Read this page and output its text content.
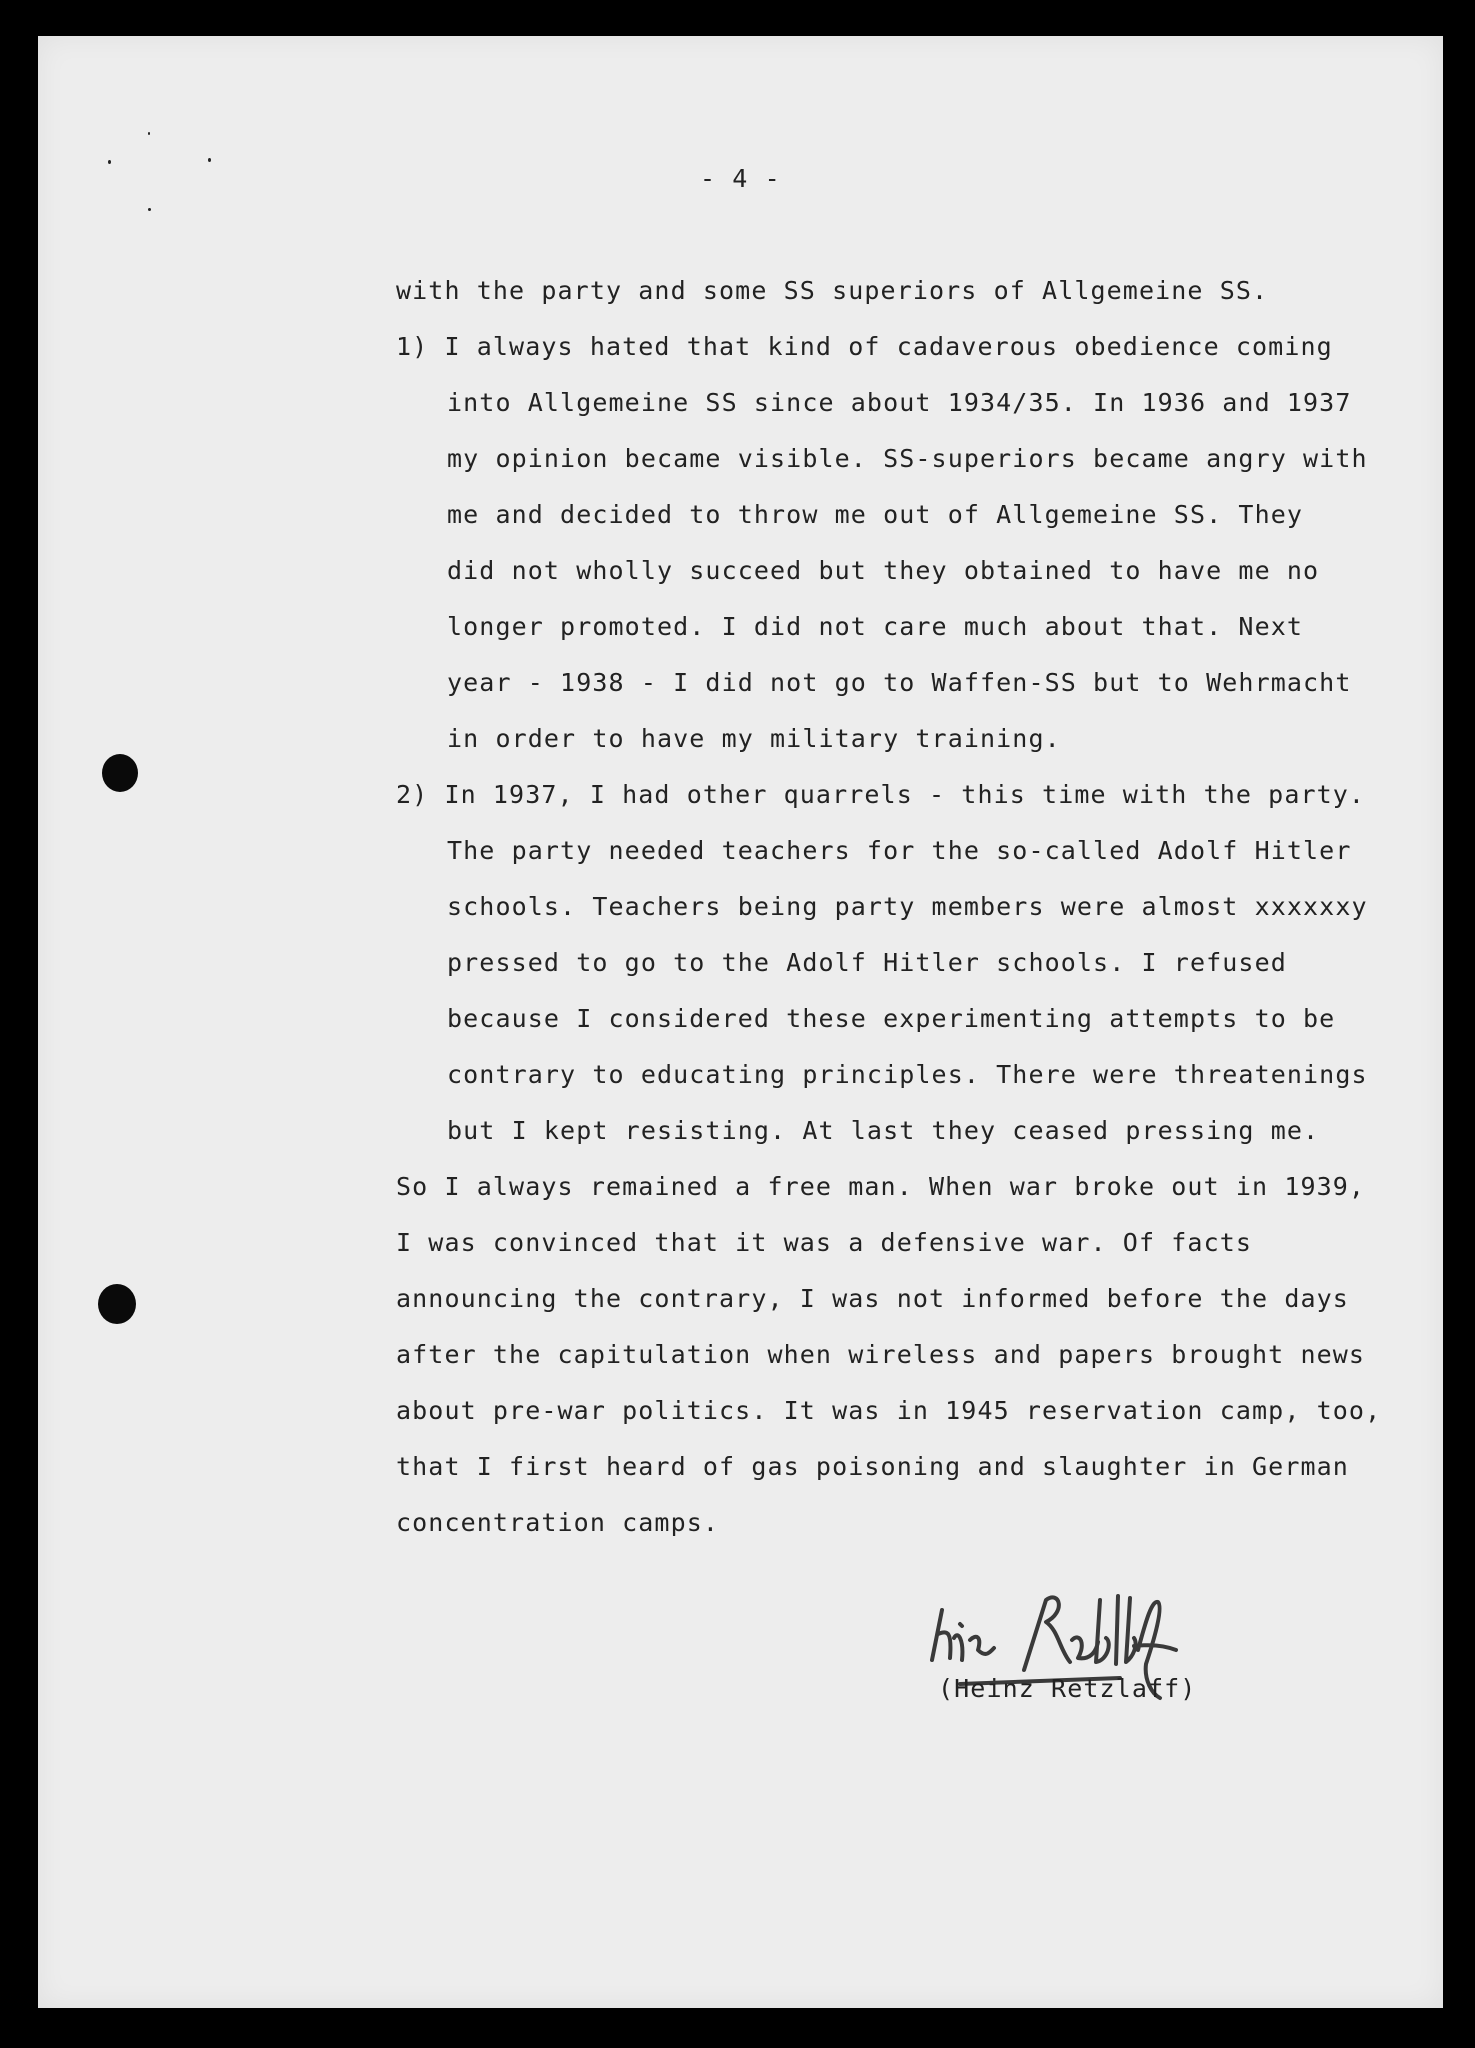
- 4 -
with the party and some SS superiors of Allgemeine SS.
1) I always hated that kind of cadaverous obedience coming
into Allgemeine SS since about 1934/35. In 1936 and 1937
my opinion became visible. SS-superiors became angry with
me and decided to throw me out of Allgemeine SS. They
did not wholly succeed but they obtained to have me no
longer promoted. I did not care much about that. Next
year - 1938 - I did not go to Waffen-SS but to Wehrmacht
in order to have my military training.
2) In 1937, I had other quarrels - this time with the party.
The party needed teachers for the so-called Adolf Hitler
schools. Teachers being party members were almost xxxxxxy
pressed to go to the Adolf Hitler schools. I refused
because I considered these experimenting attempts to be
contrary to educating principles. There were threatenings
but I kept resisting. At last they ceased pressing me.
So I always remained a free man. When war broke out in 1939,
I was convinced that it was a defensive war. Of facts
announcing the contrary, I was not informed before the days
after the capitulation when wireless and papers brought news
about pre-war politics. It was in 1945 reservation camp, too,
that I first heard of gas poisoning and slaughter in German
concentration camps.
(Heinz Retzlaff)
